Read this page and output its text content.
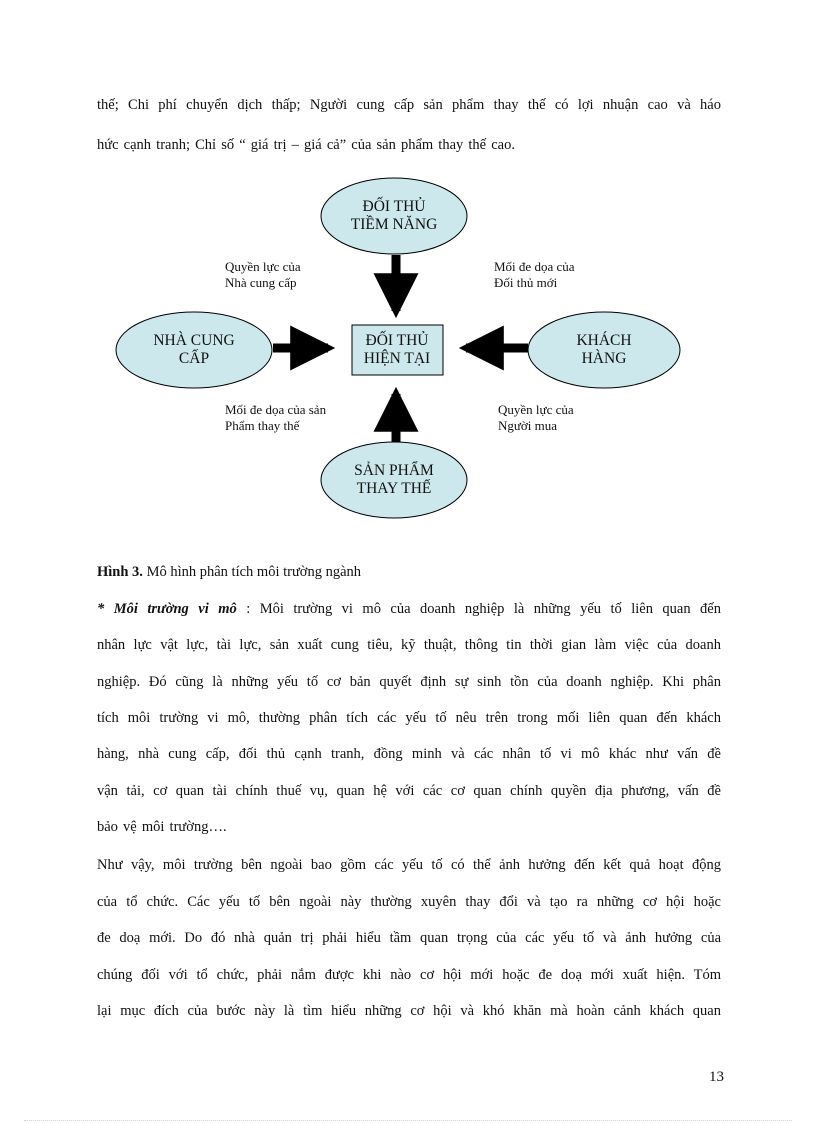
thế; Chi phí chuyển dịch thấp; Người cung cấp sản phẩm thay thế có lợi nhuận cao và háo
hức cạnh tranh; Chỉ số “ giá trị – giá cả” của sản phẩm thay thế cao.
ĐỐI THỦ
TIỀM NĂNG
NHÀ CUNG
CẤP
ĐỐI THỦ
HIỆN TẠI
KHÁCH
HÀNG
SẢN PHẨM
THAY THẾ
Quyền lực của
Nhà cung cấp
Mối đe dọa của
Đối thủ mới
Mối đe dọa của sản
Phẩm thay thế
Quyền lực của
Người mua
Hình 3. Mô hình phân tích môi trường ngành
* Môi trường vi mô : Môi trường vi mô của doanh nghiệp là những yếu tố liên quan đến
nhân lực vật lực, tài lực, sản xuất cung tiêu, kỹ thuật, thông tin thời gian làm việc của doanh
nghiệp. Đó cũng là những yếu tố cơ bản quyết định sự sinh tồn của doanh nghiệp. Khi phân
tích môi trường vi mô, thường phân tích các yếu tố nêu trên trong mối liên quan đến khách
hàng, nhà cung cấp, đối thủ cạnh tranh, đồng minh và các nhân tố vi mô khác như vấn đề
vận tải, cơ quan tài chính thuế vụ, quan hệ với các cơ quan chính quyền địa phương, vấn đề
bảo vệ môi trường….
Như vậy, môi trường bên ngoài bao gồm các yếu tố có thể ảnh hưởng đến kết quả hoạt động
của tổ chức. Các yếu tố bên ngoài này thường xuyên thay đổi và tạo ra những cơ hội hoặc
đe doạ mới. Do đó nhà quản trị phải hiểu tầm quan trọng của các yếu tố và ảnh hưởng của
chúng đối với tổ chức, phải nắm được khi nào cơ hội mới hoặc đe doạ mới xuất hiện. Tóm
lại mục đích của bước này là tìm hiểu những cơ hội và khó khăn mà hoàn cảnh khách quan
13
